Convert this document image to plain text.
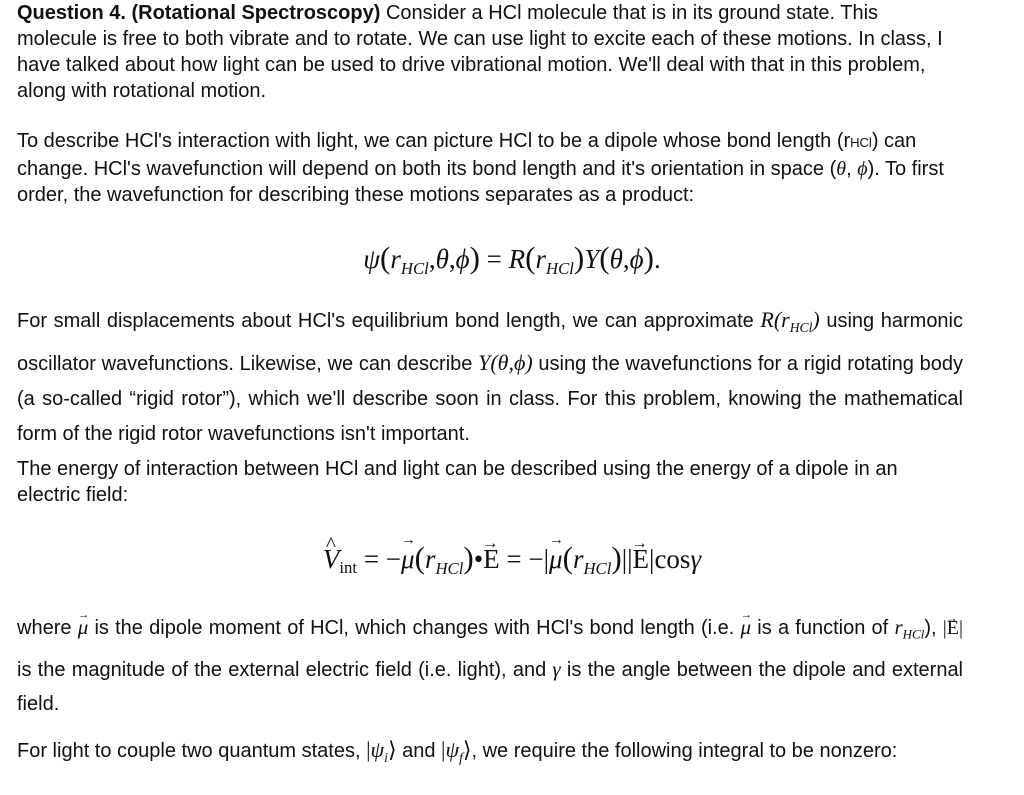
Question 4. (Rotational Spectroscopy) Consider a HCl molecule that is in its ground state. This molecule is free to both vibrate and to rotate. We can use light to excite each of these motions. In class, I have talked about how light can be used to drive vibrational motion. We'll deal with that in this problem, along with rotational motion.

To describe HCl's interaction with light, we can picture HCl to be a dipole whose bond length (rHCl) can change. HCl's wavefunction will depend on both its bond length and it's orientation in space (θ, ϕ). To first order, the wavefunction for describing these motions separates as a product:

$\psi(r_{HCl},\theta,\phi) = R(r_{HCl})Y(\theta,\phi)$.

For small displacements about HCl's equilibrium bond length, we can approximate $R(r_{HCl})$ using harmonic oscillator wavefunctions. Likewise, we can describe Y(θ,ϕ) using the wavefunctions for a rigid rotating body (a so-called “rigid rotor”), which we'll describe soon in class. For this problem, knowing the mathematical form of the rigid rotor wavefunctions isn't important.

The energy of interaction between HCl and light can be described using the energy of a dipole in an electric field:

^ Vint = −→ $\mu(r_{HCl})•\to E$ = −|→ $\mu(r_{HCl})||\to E|\cos\gamma$

where → μ is the dipole moment of HCl, which changes with HCl's bond length (i.e. → μ is a function of $r_{HCl}$), |→ E| is the magnitude of the external electric field (i.e. light), and γ is the angle between the dipole and external field.

For light to couple two quantum states, $|\psi_i⟩$ and $|\psi_f⟩$, we require the following integral to be nonzero:
